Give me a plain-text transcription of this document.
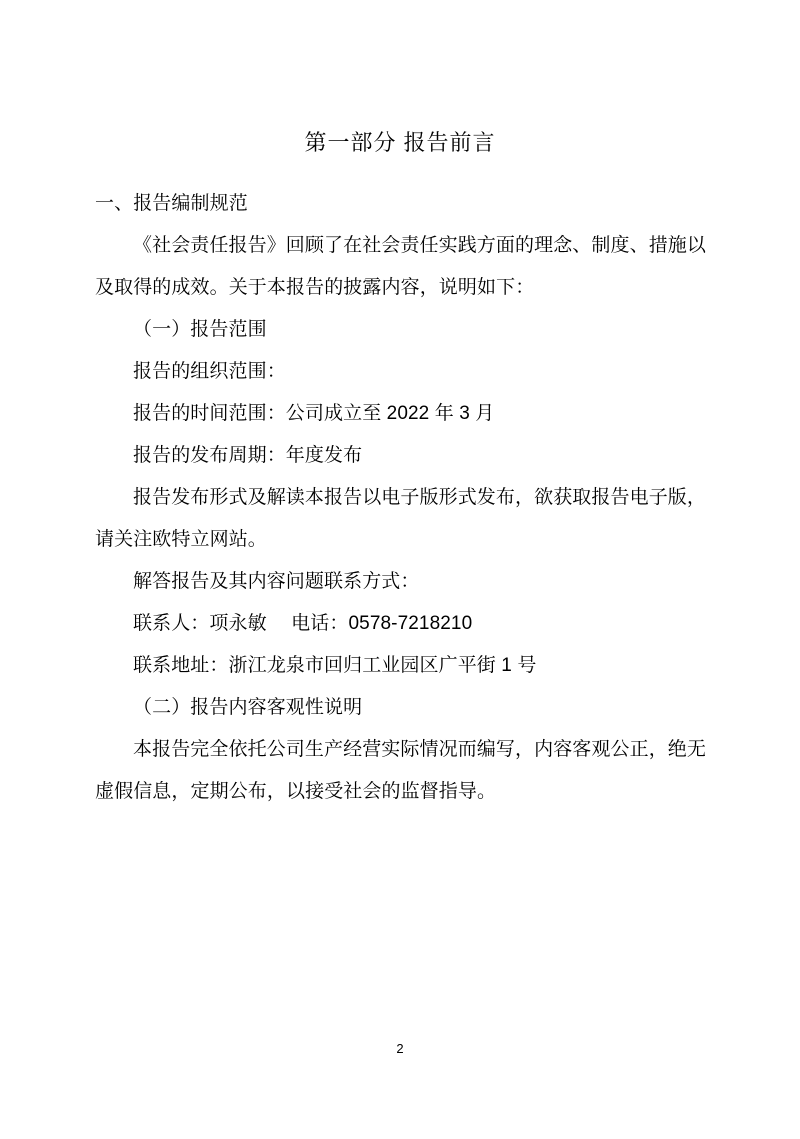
第一部分 报告前言
一、报告编制规范
《社会责任报告》回顾了在社会责任实践方面的理念、制度、措施以
及取得的成效。关于本报告的披露内容，说明如下：
（一）报告范围
报告的组织范围：
报告的时间范围：公司成立至 2022 年 3 月
报告的发布周期：年度发布
报告发布形式及解读本报告以电子版形式发布，欲获取报告电子版，
请关注欧特立网站。
解答报告及其内容问题联系方式：
联系人：项永敏　 电话：0578-7218210
联系地址：浙江龙泉市回归工业园区广平街 1 号
（二）报告内容客观性说明
本报告完全依托公司生产经营实际情况而编写，内容客观公正，绝无
虚假信息，定期公布，以接受社会的监督指导。
2
